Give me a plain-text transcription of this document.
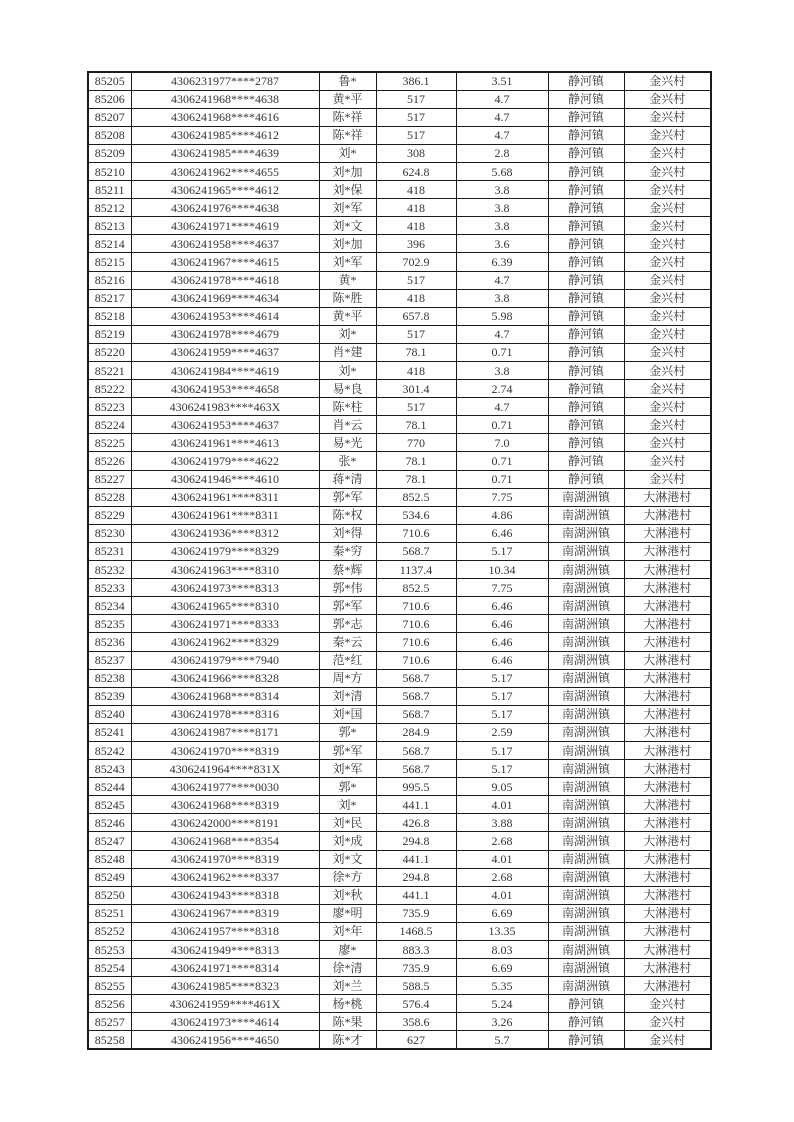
85205	4306231977****2787	鲁*	386.1	3.51	静河镇	金兴村
85206	4306241968****4638	黄*平	517	4.7	静河镇	金兴村
85207	4306241968****4616	陈*祥	517	4.7	静河镇	金兴村
85208	4306241985****4612	陈*祥	517	4.7	静河镇	金兴村
85209	4306241985****4639	刘*	308	2.8	静河镇	金兴村
85210	4306241962****4655	刘*加	624.8	5.68	静河镇	金兴村
85211	4306241965****4612	刘*保	418	3.8	静河镇	金兴村
85212	4306241976****4638	刘*军	418	3.8	静河镇	金兴村
85213	4306241971****4619	刘*文	418	3.8	静河镇	金兴村
85214	4306241958****4637	刘*加	396	3.6	静河镇	金兴村
85215	4306241967****4615	刘*军	702.9	6.39	静河镇	金兴村
85216	4306241978****4618	黄*	517	4.7	静河镇	金兴村
85217	4306241969****4634	陈*胜	418	3.8	静河镇	金兴村
85218	4306241953****4614	黄*平	657.8	5.98	静河镇	金兴村
85219	4306241978****4679	刘*	517	4.7	静河镇	金兴村
85220	4306241959****4637	肖*建	78.1	0.71	静河镇	金兴村
85221	4306241984****4619	刘*	418	3.8	静河镇	金兴村
85222	4306241953****4658	易*良	301.4	2.74	静河镇	金兴村
85223	4306241983****463X	陈*柱	517	4.7	静河镇	金兴村
85224	4306241953****4637	肖*云	78.1	0.71	静河镇	金兴村
85225	4306241961****4613	易*光	770	7.0	静河镇	金兴村
85226	4306241979****4622	张*	78.1	0.71	静河镇	金兴村
85227	4306241946****4610	蒋*清	78.1	0.71	静河镇	金兴村
85228	4306241961****8311	郭*军	852.5	7.75	南湖洲镇	大淋港村
85229	4306241961****8311	陈*权	534.6	4.86	南湖洲镇	大淋港村
85230	4306241936****8312	刘*得	710.6	6.46	南湖洲镇	大淋港村
85231	4306241979****8329	秦*穷	568.7	5.17	南湖洲镇	大淋港村
85232	4306241963****8310	蔡*辉	1137.4	10.34	南湖洲镇	大淋港村
85233	4306241973****8313	郭*伟	852.5	7.75	南湖洲镇	大淋港村
85234	4306241965****8310	郭*军	710.6	6.46	南湖洲镇	大淋港村
85235	4306241971****8333	郭*志	710.6	6.46	南湖洲镇	大淋港村
85236	4306241962****8329	秦*云	710.6	6.46	南湖洲镇	大淋港村
85237	4306241979****7940	范*红	710.6	6.46	南湖洲镇	大淋港村
85238	4306241966****8328	周*方	568.7	5.17	南湖洲镇	大淋港村
85239	4306241968****8314	刘*清	568.7	5.17	南湖洲镇	大淋港村
85240	4306241978****8316	刘*国	568.7	5.17	南湖洲镇	大淋港村
85241	4306241987****8171	郭*	284.9	2.59	南湖洲镇	大淋港村
85242	4306241970****8319	郭*军	568.7	5.17	南湖洲镇	大淋港村
85243	4306241964****831X	刘*军	568.7	5.17	南湖洲镇	大淋港村
85244	4306241977****0030	郭*	995.5	9.05	南湖洲镇	大淋港村
85245	4306241968****8319	刘*	441.1	4.01	南湖洲镇	大淋港村
85246	4306242000****8191	刘*民	426.8	3.88	南湖洲镇	大淋港村
85247	4306241968****8354	刘*成	294.8	2.68	南湖洲镇	大淋港村
85248	4306241970****8319	刘*文	441.1	4.01	南湖洲镇	大淋港村
85249	4306241962****8337	徐*方	294.8	2.68	南湖洲镇	大淋港村
85250	4306241943****8318	刘*秋	441.1	4.01	南湖洲镇	大淋港村
85251	4306241967****8319	廖*明	735.9	6.69	南湖洲镇	大淋港村
85252	4306241957****8318	刘*年	1468.5	13.35	南湖洲镇	大淋港村
85253	4306241949****8313	廖*	883.3	8.03	南湖洲镇	大淋港村
85254	4306241971****8314	徐*清	735.9	6.69	南湖洲镇	大淋港村
85255	4306241985****8323	刘*兰	588.5	5.35	南湖洲镇	大淋港村
85256	4306241959****461X	杨*桃	576.4	5.24	静河镇	金兴村
85257	4306241973****4614	陈*果	358.6	3.26	静河镇	金兴村
85258	4306241956****4650	陈*才	627	5.7	静河镇	金兴村
